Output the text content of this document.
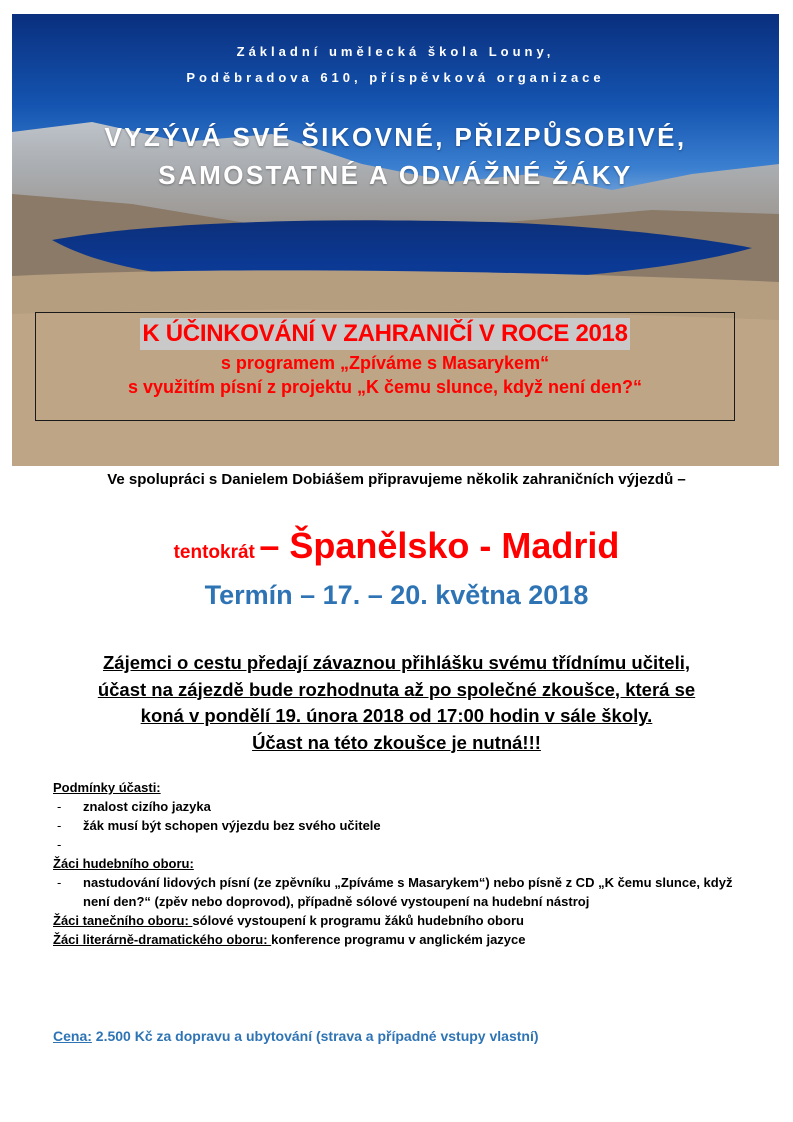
Základní umělecká škola Louny,
Poděbradova 610, příspěvková organizace
VYZÝVÁ SVÉ ŠIKOVNÉ, PŘIZPŮSOBIVÉ,
SAMOSTATNÉ A ODVÁŽNÉ ŽÁKY
K ÚČINKOVÁNÍ V ZAHRANIČÍ V ROCE 2018
s programem „Zpíváme s Masarykem“
s využitím písní z projektu „K čemu slunce, když není den?“
Ve spolupráci s Danielem Dobiášem připravujeme několik zahraničních výjezdů –
tentokrát – Španělsko - Madrid
Termín – 17. – 20. května 2018
Zájemci o cestu předají závaznou přihlášku svému třídnímu učiteli,
účast na zájezdě bude rozhodnuta až po společné zkoušce, která se
koná v pondělí 19. února 2018 od 17:00 hodin v sále školy.
Účast na této zkoušce je nutná!!!
Podmínky účasti:
- znalost cizího jazyka
- žák musí být schopen výjezdu bez svého učitele
-

Žáci hudebního oboru:
- nastudování lidových písní (ze zpěvníku „Zpíváme s Masarykem“) nebo písně z CD „K čemu slunce, když není den?“ (zpěv nebo doprovod), případně sólové vystoupení na hudební nástroj
Žáci tanečního oboru: sólové vystoupení k programu žáků hudebního oboru
Žáci literárně-dramatického oboru: konference programu v anglickém jazyce
Cena: 2.500 Kč za dopravu a ubytování (strava a případné vstupy vlastní)
